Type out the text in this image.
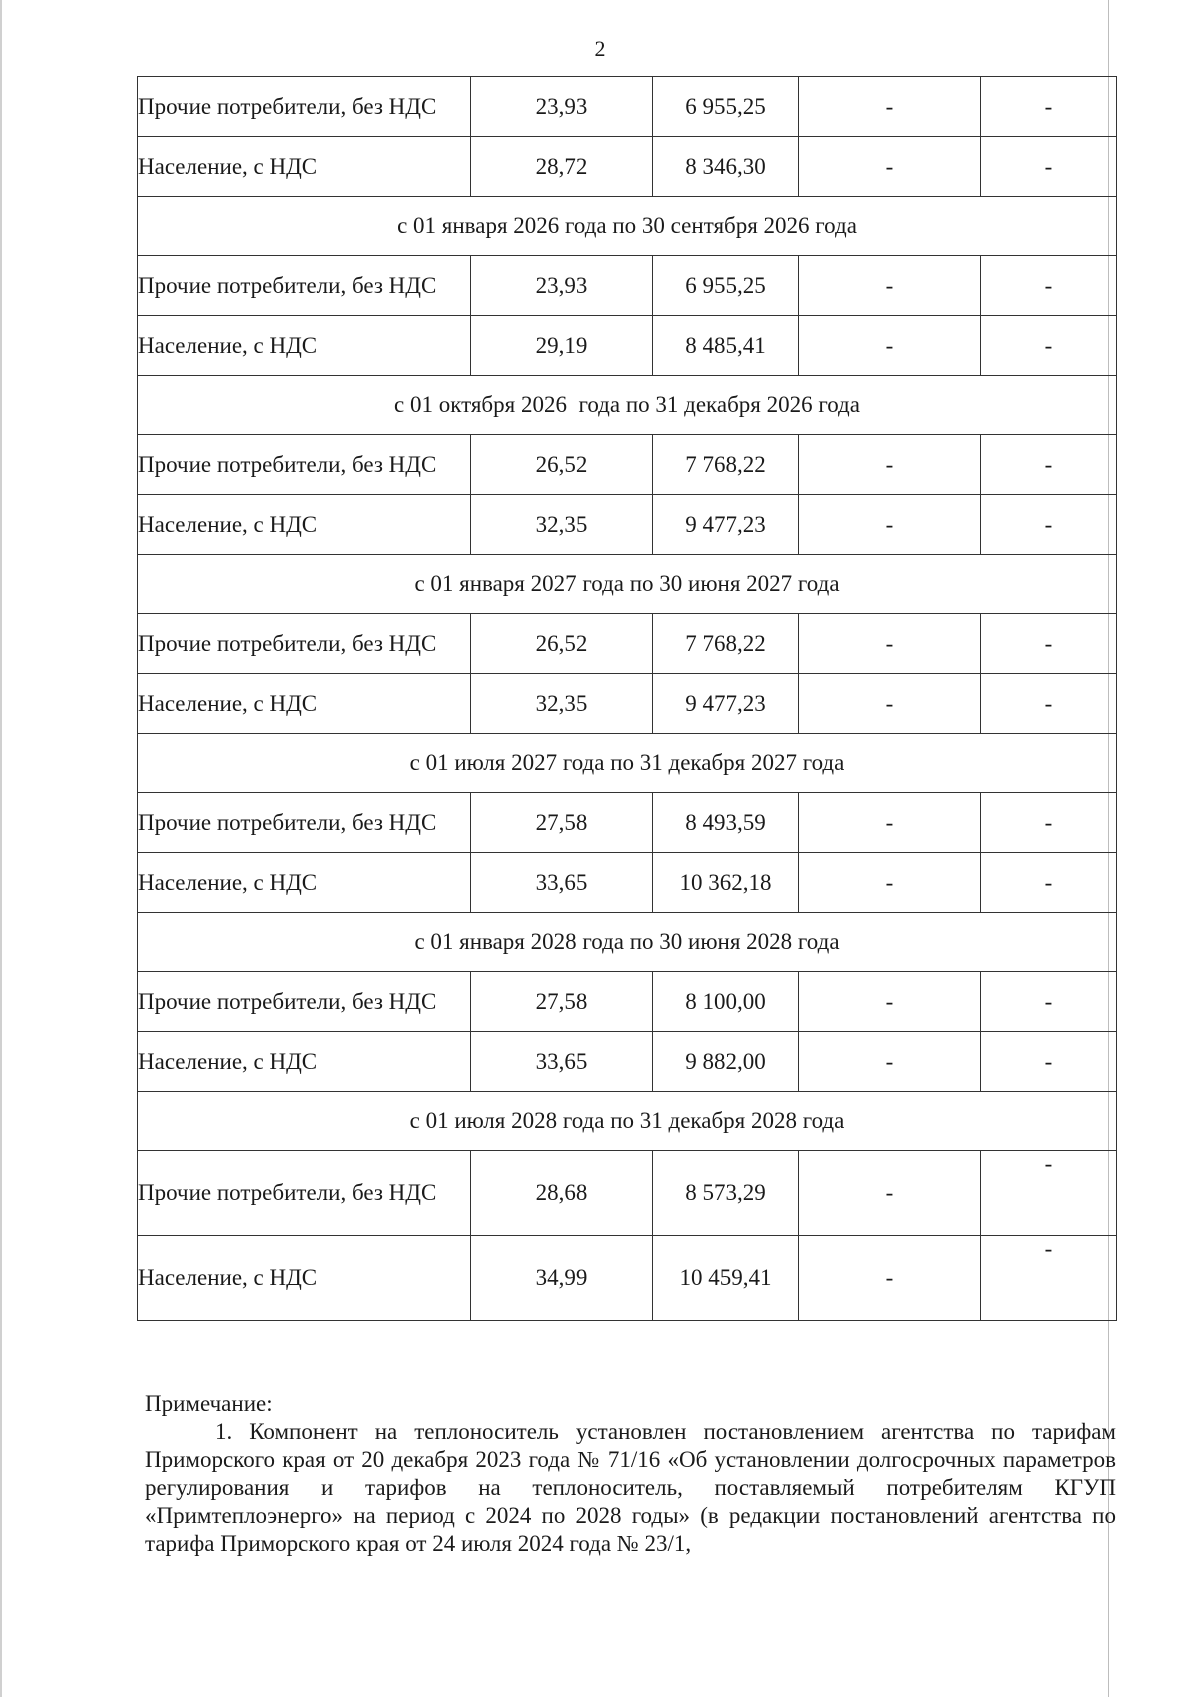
2
Прочие потребители, без НДС	23,93	6 955,25	-	-
Население, с НДС	28,72	8 346,30	-	-
с 01 января 2026 года по 30 сентября 2026 года				
Прочие потребители, без НДС	23,93	6 955,25	-	-
Население, с НДС	29,19	8 485,41	-	-
с 01 октября 2026  года по 31 декабря 2026 года				
Прочие потребители, без НДС	26,52	7 768,22	-	-
Население, с НДС	32,35	9 477,23	-	-
с 01 января 2027 года по 30 июня 2027 года				
Прочие потребители, без НДС	26,52	7 768,22	-	-
Население, с НДС	32,35	9 477,23	-	-
с 01 июля 2027 года по 31 декабря 2027 года				
Прочие потребители, без НДС	27,58	8 493,59	-	-
Население, с НДС	33,65	10 362,18	-	-
с 01 января 2028 года по 30 июня 2028 года				
Прочие потребители, без НДС	27,58	8 100,00	-	-
Население, с НДС	33,65	9 882,00	-	-
с 01 июля 2028 года по 31 декабря 2028 года				
Прочие потребители, без НДС	28,68	8 573,29	-	-
Население, с НДС	34,99	10 459,41	-	-

Примечание:

1. Компонент на теплоноситель установлен постановлением агентства по тарифам Приморского края от 20 декабря 2023 года № 71/16 «Об установлении долгосрочных параметров регулирования и тарифов на теплоноситель, поставляемый потребителям КГУП «Примтеплоэнерго» на период с 2024 по 2028 годы» (в редакции постановлений агентства по тарифа Приморского края от 24 июля 2024 года № 23/1,
